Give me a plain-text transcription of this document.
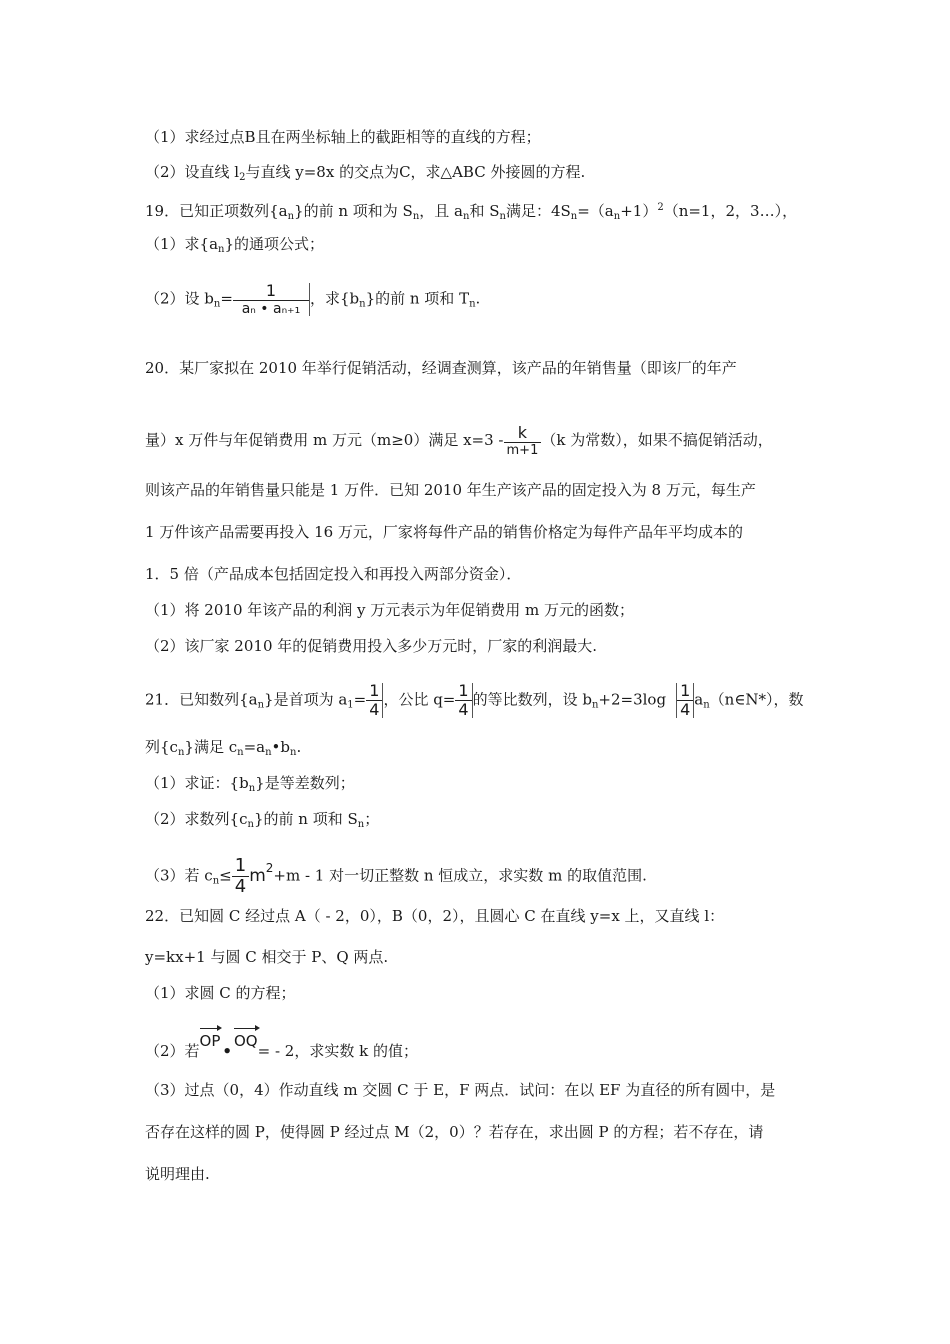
（1）求经过点B且在两坐标轴上的截距相等的直线的方程；
（2）设直线 $l_2$与直线 y=8x 的交点为C，求△ABC 外接圆的方程.
19．已知正项数列$\{a_n\}$的前 n 项和为 $S_n$，且 $a_n$和 $S_n$满足：$4S_n=(a_n+1)^2(n=1$，2，3…），
（1）求$\{a_n\}$的通项公式；
（2）设 $b_n= \frac{1}{\text{aₙ • aₙ₊₁}}$ ，求$\{b_n\}$的前 n 项和 $T_n$.
20．某厂家拟在 2010 年举行促销活动，经调查测算，该产品的年销售量（即该厂的年产
量）x 万件与年促销费用 m 万元（m≥0）满足 $x=3 - \frac{k}{m+1} (k$ 为常数），如果不搞促销活动，
则该产品的年销售量只能是 1 万件．已知 2010 年生产该产品的固定投入为 8 万元，每生产
1 万件该产品需要再投入 16 万元，厂家将每件产品的销售价格定为每件产品年平均成本的
1．5 倍（产品成本包括固定投入和再投入两部分资金）．
（1）将 2010 年该产品的利润 y 万元表示为年促销费用 m 万元的函数；
（2）该厂家 2010 年的促销费用投入多少万元时，厂家的利润最大.
21．已知数列$\{a_n\}$是首项为 $a_1= \frac{1}{4}$ ，公比 $q= \frac{1}{4}$ 的等比数列，设 $b_n+2=3\log \frac{1}{4}$ $a_n(n\in N*)$，数
列$\{c_n\}$满足 $c_n=a_n•b_n$.
（1）求证：$\{b_n\}$是等差数列；
（2）求数列$\{c_n\}$的前 n 项和 $S_n$；
（3）若 $c_n\le \frac{1}{4} m^2+m - 1$ 对一切正整数 n 恒成立，求实数 m 的取值范围.
22．已知圆 C 经过点 A（ - 2，0），B（0，2），且圆心 C 在直线 y=x 上，又直线 l：
y=kx+1 与圆 C 相交于 P、Q 两点.
（1）求圆 C 的方程；
（2）若OP•OQ= - 2，求实数 k 的值；
（3）过点（0，4）作动直线 m 交圆 C 于 E，F 两点．试问：在以 EF 为直径的所有圆中，是
否存在这样的圆 P，使得圆 P 经过点 M（2，0）？若存在，求出圆 P 的方程；若不存在，请
说明理由.
